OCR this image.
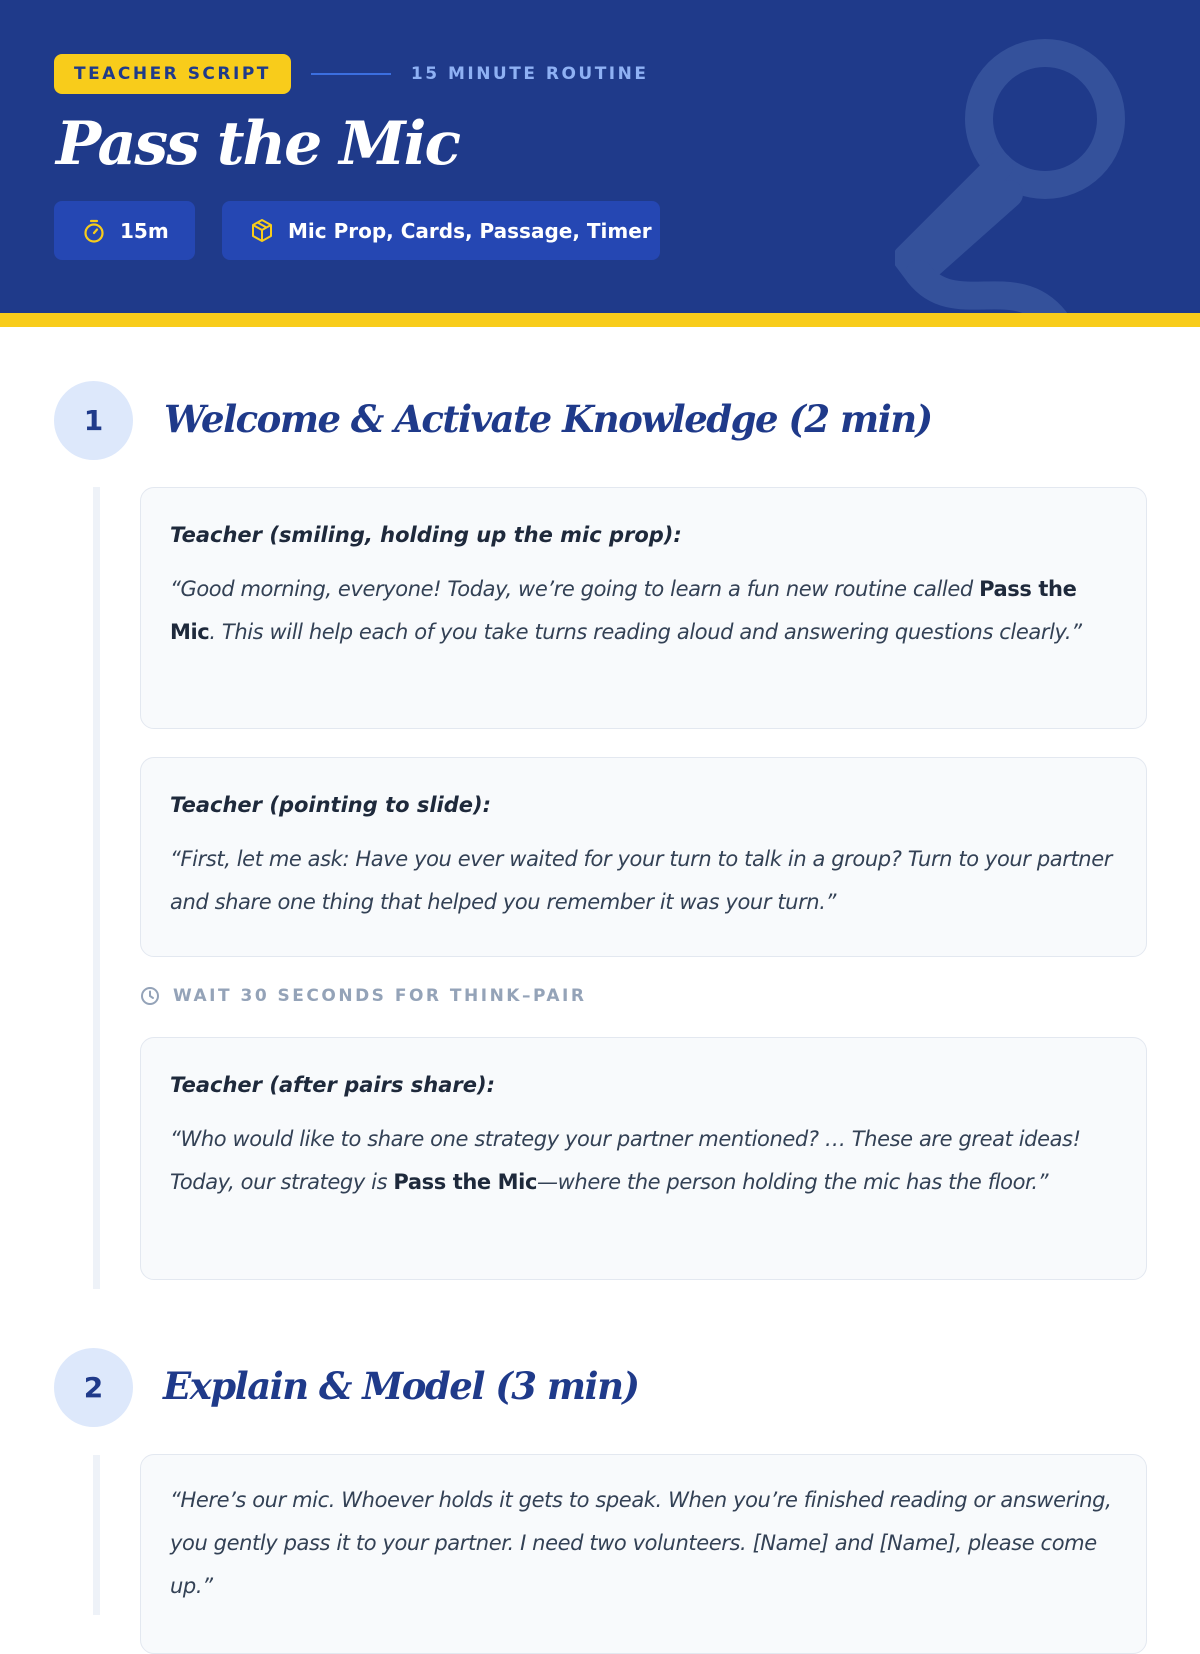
TEACHER SCRIPT	15 MINUTE ROUTINE
Pass the Mic
15m	Mic Prop, Cards, Passage, Timer
1	Welcome & Activate Knowledge (2 min)

Teacher (smiling, holding up the mic prop):

“Good morning, everyone! Today, we’re going to learn a fun new routine called Pass the Mic. This will help each of you take turns reading aloud and answering questions clearly.”

Teacher (pointing to slide):

“First, let me ask: Have you ever waited for your turn to talk in a group? Turn to your partner and share one thing that helped you remember it was your turn.”

WAIT 30 SECONDS FOR THINK–PAIR

Teacher (after pairs share):

“Who would like to share one strategy your partner mentioned? … These are great ideas! Today, our strategy is Pass the Mic—where the person holding the mic has the floor.”

2	Explain & Model (3 min)

“Here’s our mic. Whoever holds it gets to speak. When you’re finished reading or answering, you gently pass it to your partner. I need two volunteers. [Name] and [Name], please come up.”
